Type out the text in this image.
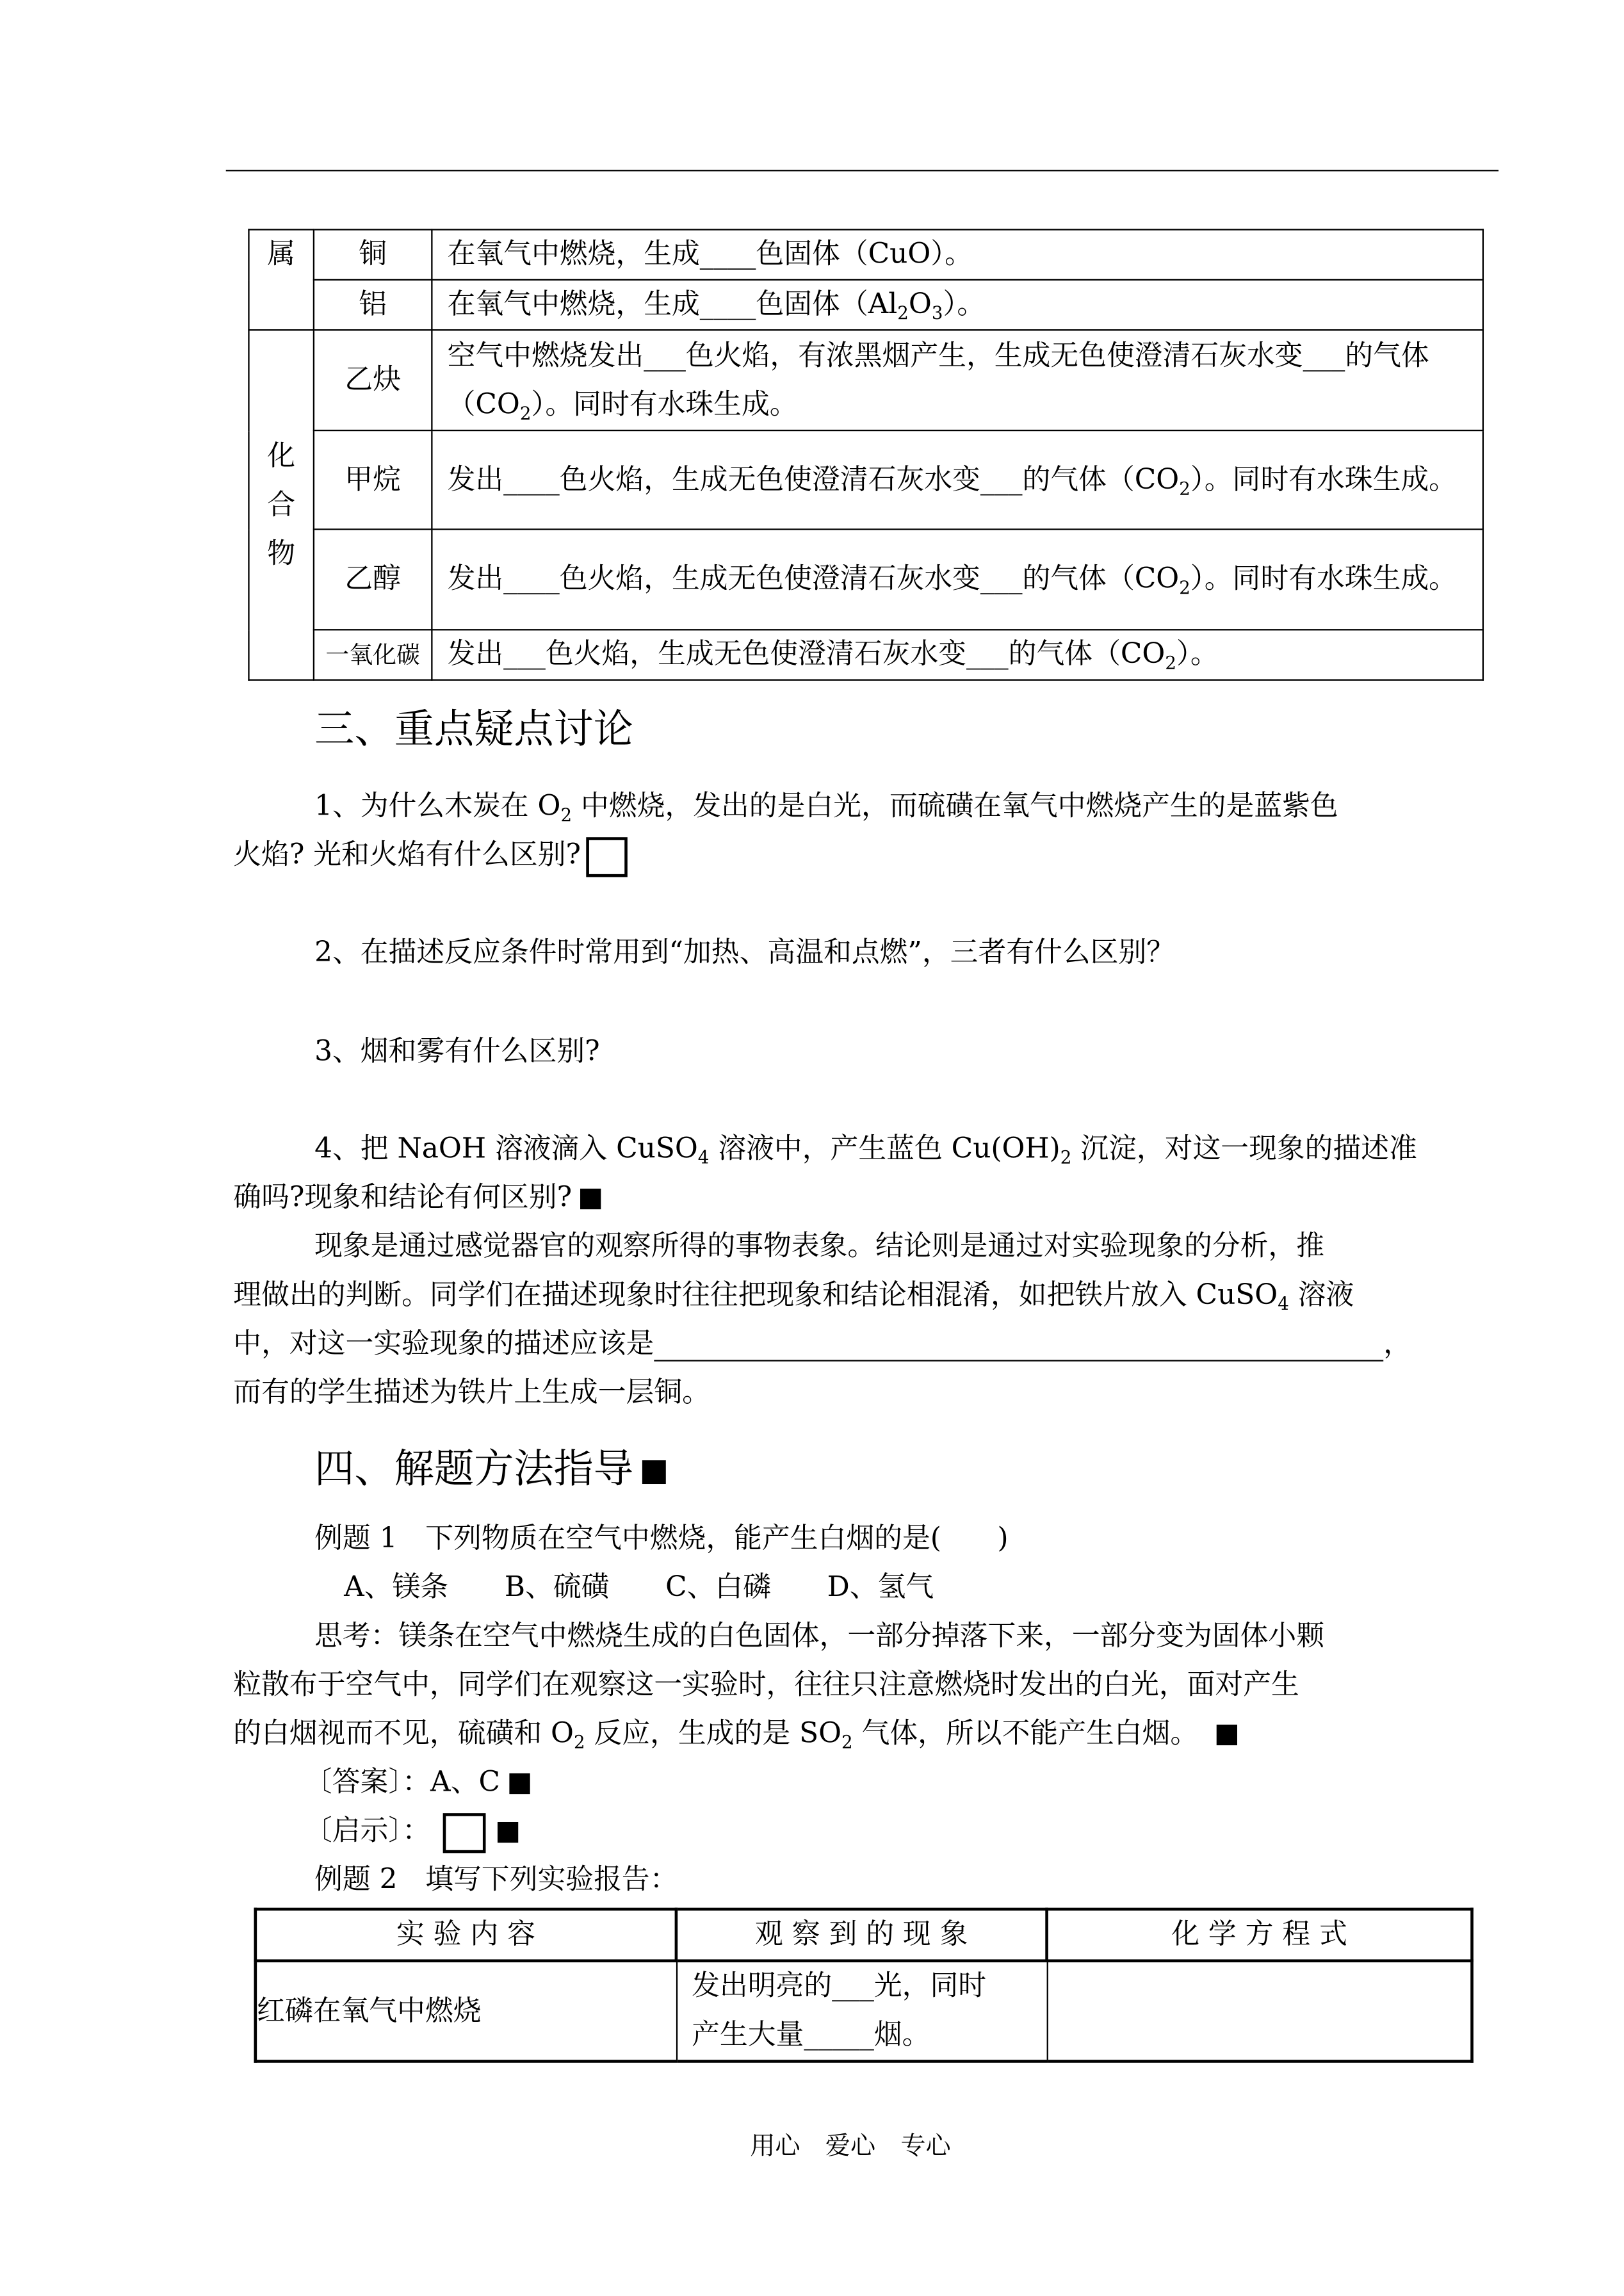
属	铜	在氧气中燃烧，生成____色固体（CuO）。
	铝	在氧气中燃烧，生成____色固体$(Al_2O_3)$。
化合物	乙炔	空气中燃烧发出___色火焰，有浓黑烟产生，生成无色使澄清石灰水变___的气体$(CO_2)$。同时有水珠生成。
	甲烷	发出____色火焰，生成无色使澄清石灰水变___的气体$(CO_2)$。同时有水珠生成。
	乙醇	发出____色火焰，生成无色使澄清石灰水变___的气体$(CO_2)$。同时有水珠生成。
	一氧化碳	发出___色火焰，生成无色使澄清石灰水变___的气体$(CO_2)$。
三、重点疑点讨论
1、为什么木炭在 $O_2$ 中燃烧，发出的是白光，而硫磺在氧气中燃烧产生的是蓝紫色
火焰? 光和火焰有什么区别?
2、在描述反应条件时常用到“加热、高温和点燃”，三者有什么区别？
3、烟和雾有什么区别?
4、把 NaOH 溶液滴入 CuSO$_4$ 溶液中，产生蓝色 $Cu(OH)_2$ 沉淀，对这一现象的描述准
确吗?现象和结论有何区别?
现象是通过感觉器官的观察所得的事物表象。结论则是通过对实验现象的分析，推
理做出的判断。同学们在描述现象时往往把现象和结论相混淆，如把铁片放入 CuSO$_4$ 溶液
中，对这一实验现象的描述应该是	，
而有的学生描述为铁片上生成一层铜。
四、解题方法指导
例题 1　下列物质在空气中燃烧，能产生白烟的是(　　)
A、镁条	B、硫磺	C、白磷	D、氢气
思考：镁条在空气中燃烧生成的白色固体，一部分掉落下来，一部分变为固体小颗
粒散布于空气中，同学们在观察这一实验时，往往只注意燃烧时发出的白光，面对产生
的白烟视而不见，硫磺和 $O_2$ 反应，生成的是 $SO_2$ 气体，所以不能产生白烟。
〔答案〕：A、C
〔启示〕：
例题 2　填写下列实验报告：
实 验 内 容	观 察 到 的 现 象	化 学 方 程 式
红磷在氧气中燃烧	发出明亮的___光，同时
产生大量_____烟。	

用心　爱心　专心
